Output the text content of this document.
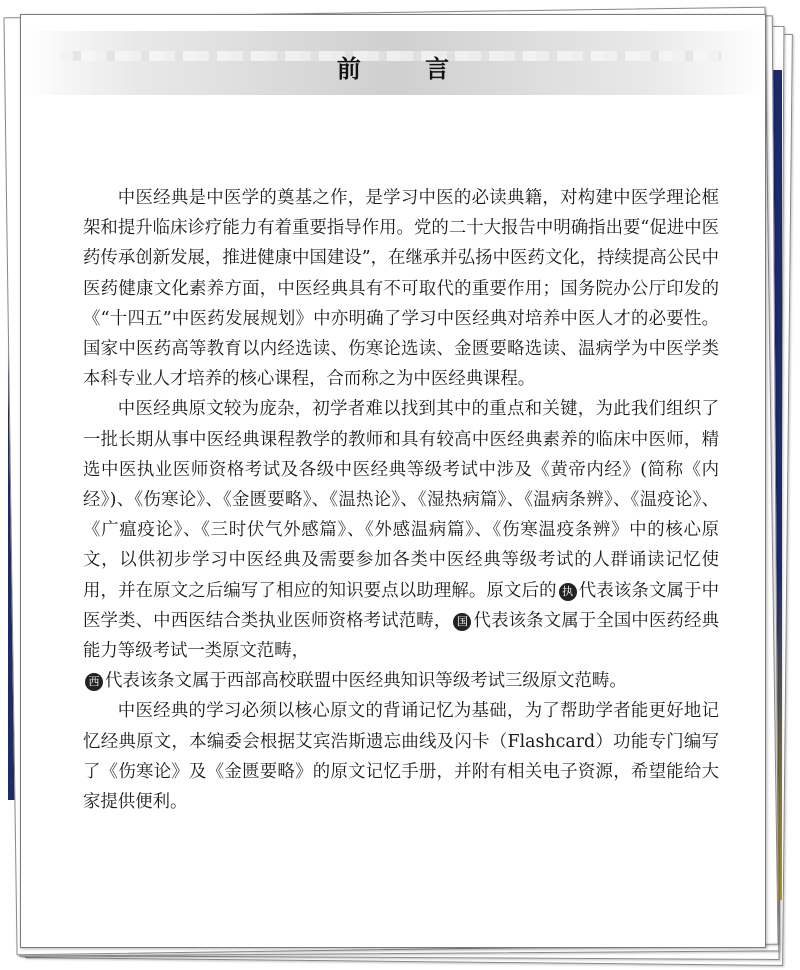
前 言

中医经典是中医学的奠基之作，是学习中医的必读典籍，对构建中医学理论框架和提升临床诊疗能力有着重要指导作用。党的二十大报告中明确指出要“促进中医药传承创新发展，推进健康中国建设”，在继承并弘扬中医药文化，持续提高公民中医药健康文化素养方面，中医经典具有不可取代的重要作用；国务院办公厅印发的《“十四五”中医药发展规划》中亦明确了学习中医经典对培养中医人才的必要性。国家中医药高等教育以内经选读、伤寒论选读、金匮要略选读、温病学为中医学类本科专业人才培养的核心课程，合而称之为中医经典课程。

中医经典原文较为庞杂，初学者难以找到其中的重点和关键，为此我们组织了一批长期从事中医经典课程教学的教师和具有较高中医经典素养的临床中医师，精选中医执业医师资格考试及各级中医经典等级考试中涉及《黄帝内经》(简称《内经》)、《伤寒论》、《金匮要略》、《温热论》、《湿热病篇》、《温病条辨》、《温疫论》、《广瘟疫论》、《三时伏气外感篇》、《外感温病篇》、《伤寒温疫条辨》中的核心原文，以供初步学习中医经典及需要参加各类中医经典等级考试的人群诵读记忆使用，并在原文之后编写了相应的知识要点以助理解。原文后的 执 代表该条文属于中医学类、中西医结合类执业医师资格考试范畴， 国 代表该条文属于全国中医药经典能力等级考试一类原文范畴，
西 代表该条文属于西部高校联盟中医经典知识等级考试三级原文范畴。

中医经典的学习必须以核心原文的背诵记忆为基础，为了帮助学者能更好地记忆经典原文，本编委会根据艾宾浩斯遗忘曲线及闪卡（Flashcard）功能专门编写了《伤寒论》及《金匮要略》的原文记忆手册，并附有相关电子资源，希望能给大家提供便利。
